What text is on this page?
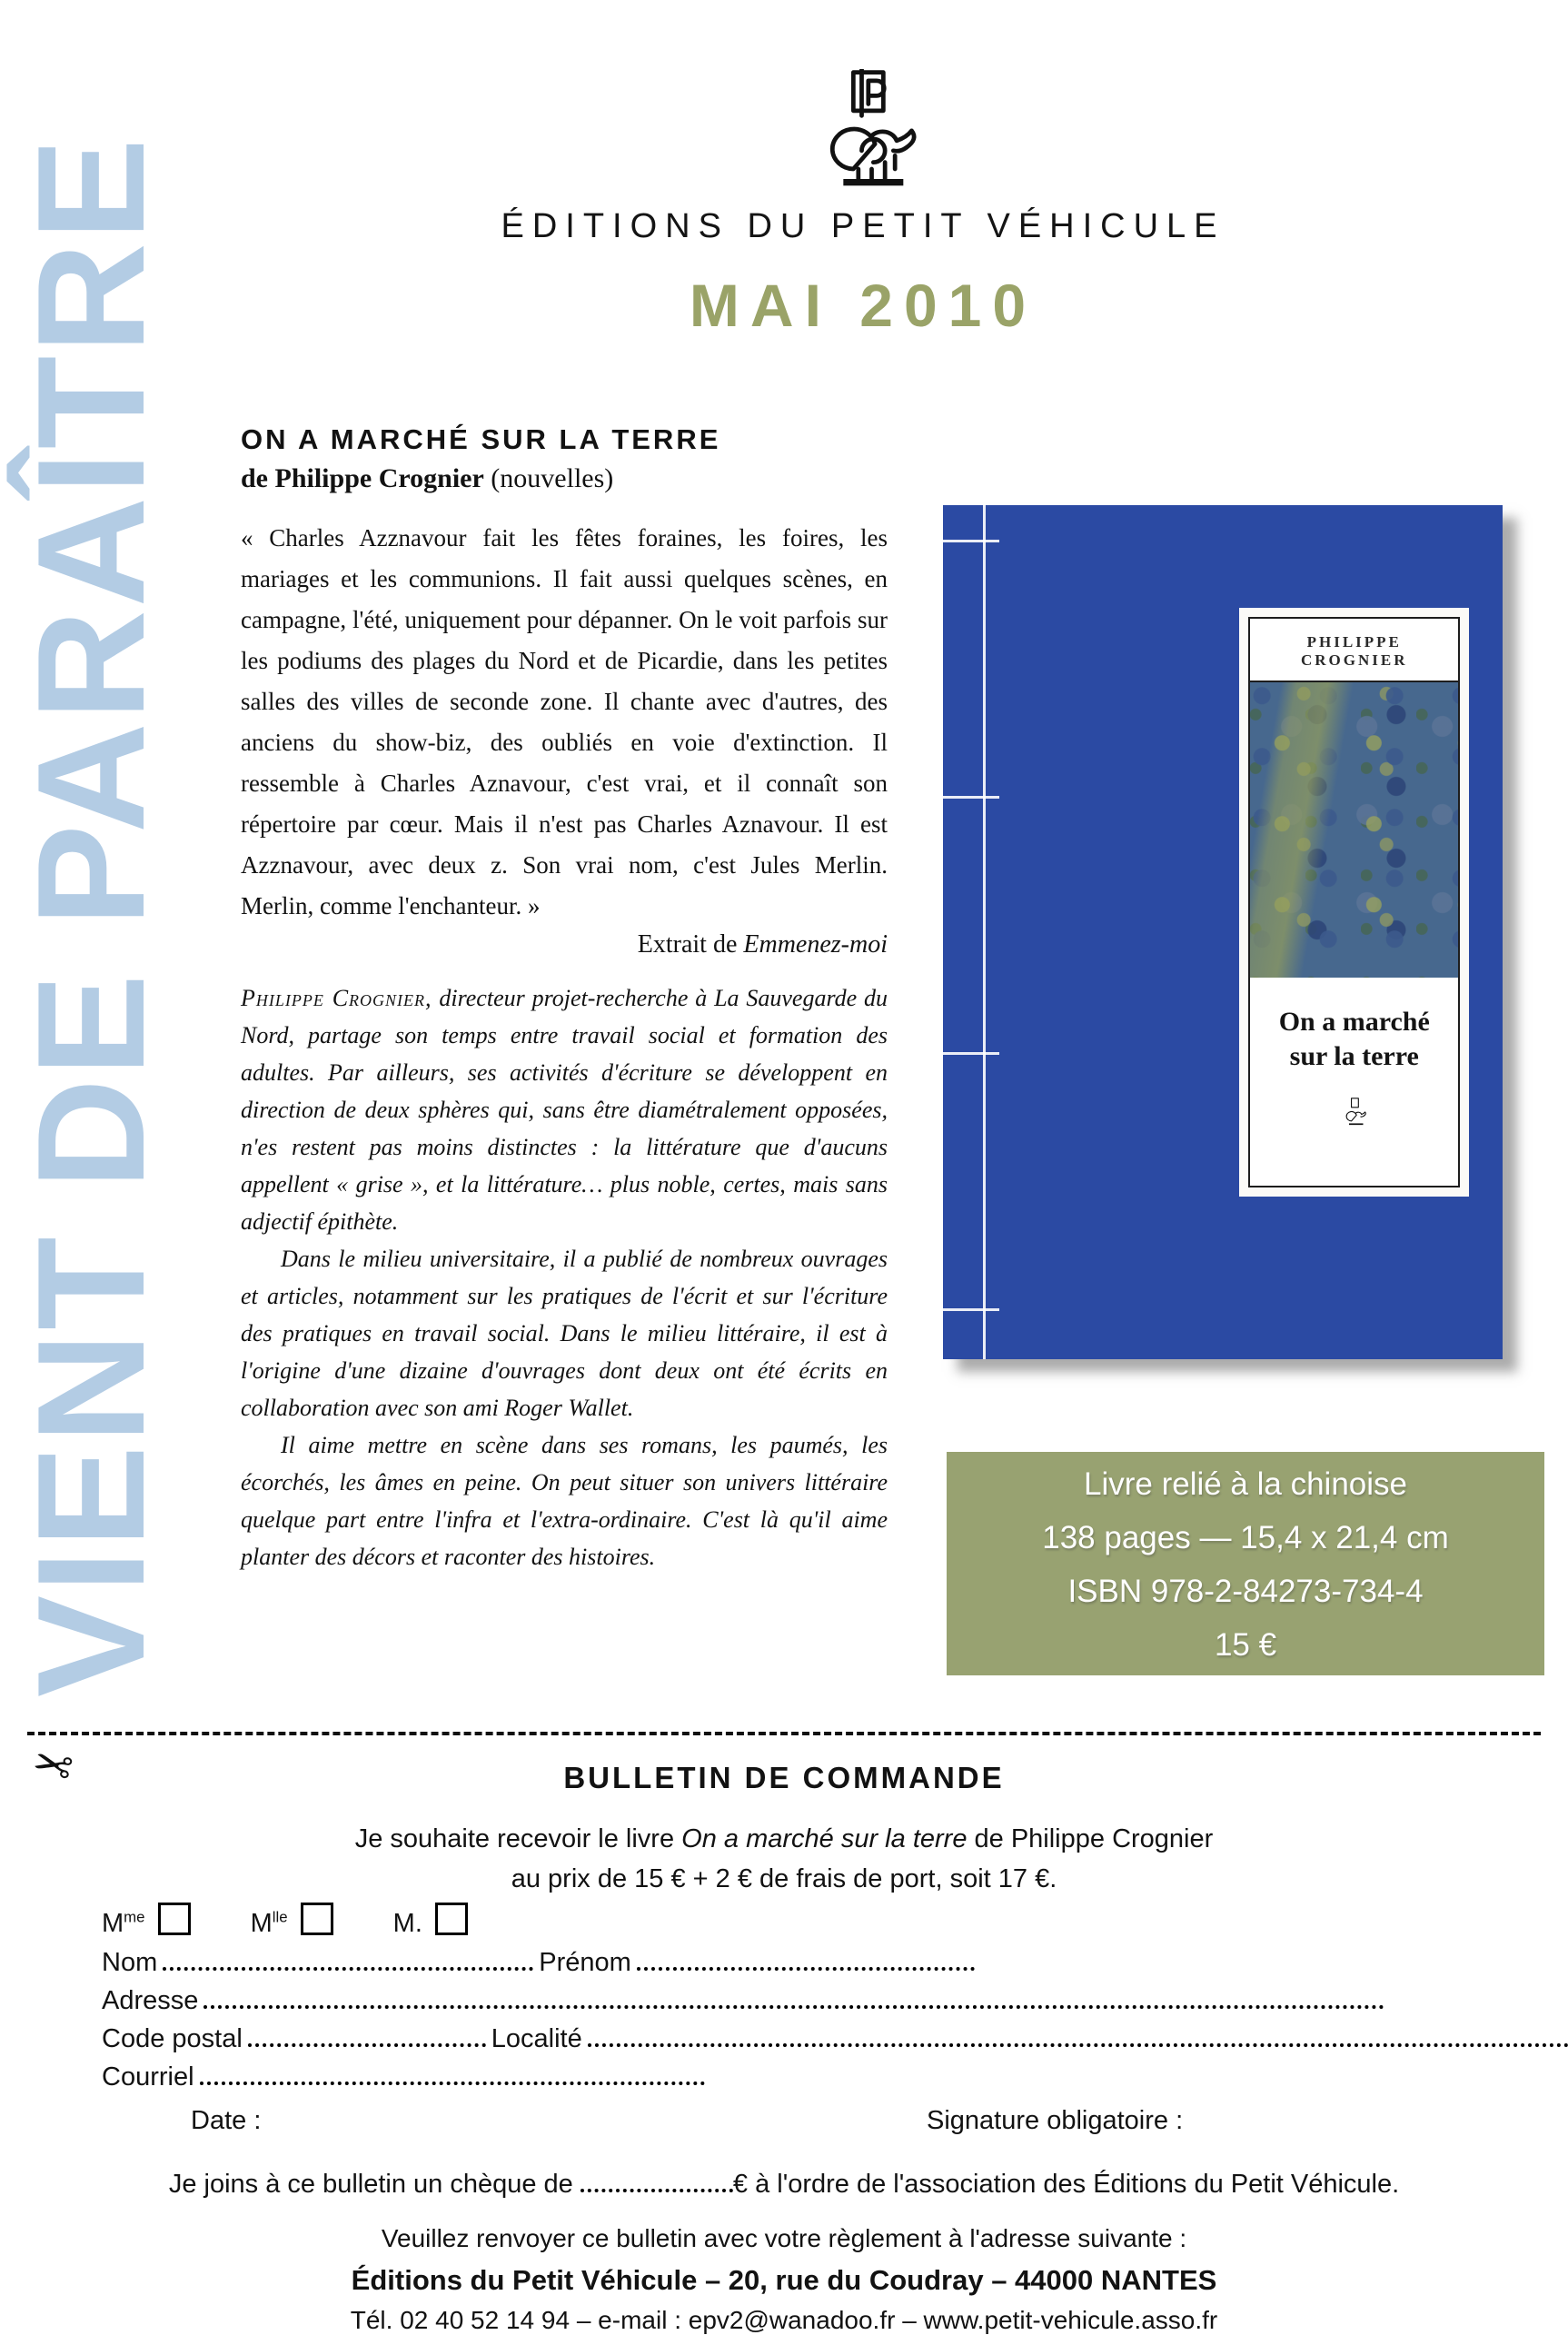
VIENT DE PARAÎTRE	ÉDITIONS DU PETIT VÉHICULE
MAI 2010
ON A MARCHÉ SUR LA TERRE
de Philippe Crognier (nouvelles)
« Charles Azznavour fait les fêtes foraines, les foires, les mariages et les communions. Il fait aussi quelques scènes, en campagne, l'été, uniquement pour dépanner. On le voit parfois sur les podiums des plages du Nord et de Picardie, dans les petites salles des villes de seconde zone. Il chante avec d'autres, des anciens du show-biz, des oubliés en voie d'extinction. Il ressemble à Charles Aznavour, c'est vrai, et il connaît son répertoire par cœur. Mais il n'est pas Charles Aznavour. Il est Azznavour, avec deux z. Son vrai nom, c'est Jules Merlin. Merlin, comme l'enchanteur. »
Extrait de Emmenez-moi

Philippe Crognier, directeur projet-recherche à La Sauvegarde du Nord, partage son temps entre travail social et formation des adultes. Par ailleurs, ses activités d'écriture se développent en direction de deux sphères qui, sans être diamétralement opposées, n'es restent pas moins distinctes : la littérature que d'aucuns appellent « grise », et la littérature… plus noble, certes, mais sans adjectif épithète.

Dans le milieu universitaire, il a publié de nombreux ouvrages et articles, notamment sur les pratiques de l'écrit et sur l'écriture des pratiques en travail social. Dans le milieu littéraire, il est à l'origine d'une dizaine d'ouvrages dont deux ont été écrits en collaboration avec son ami Roger Wallet.

Il aime mettre en scène dans ses romans, les paumés, les écorchés, les âmes en peine. On peut situer son univers littéraire quelque part entre l'infra et l'extra-ordinaire. C'est là qu'il aime planter des décors et raconter des histoires.

PHILIPPE CROGNIER
On a marché
sur la terre
Livre relié à la chinoise
138 pages — 15,4 x 21,4 cm
ISBN 978-2-84273-734-4
15 €
✂	BULLETIN DE COMMANDE
Je souhaite recevoir le livre On a marché sur la terre de Philippe Crognier
au prix de 15 € + 2 € de frais de port, soit 17 €.
$M^{me}$	$M^{lle}$	M.
Nom	Prénom
Adresse
Code postal	Localité
Courriel
Date :	Signature obligatoire :
Je joins à ce bulletin un chèque de	€ à l'ordre de l'association des Éditions du Petit Véhicule.
Veuillez renvoyer ce bulletin avec votre règlement à l'adresse suivante :
Éditions du Petit Véhicule – 20, rue du Coudray – 44000 NANTES
Tél. 02 40 52 14 94 – e-mail : epv2@wanadoo.fr – www.petit-vehicule.asso.fr
